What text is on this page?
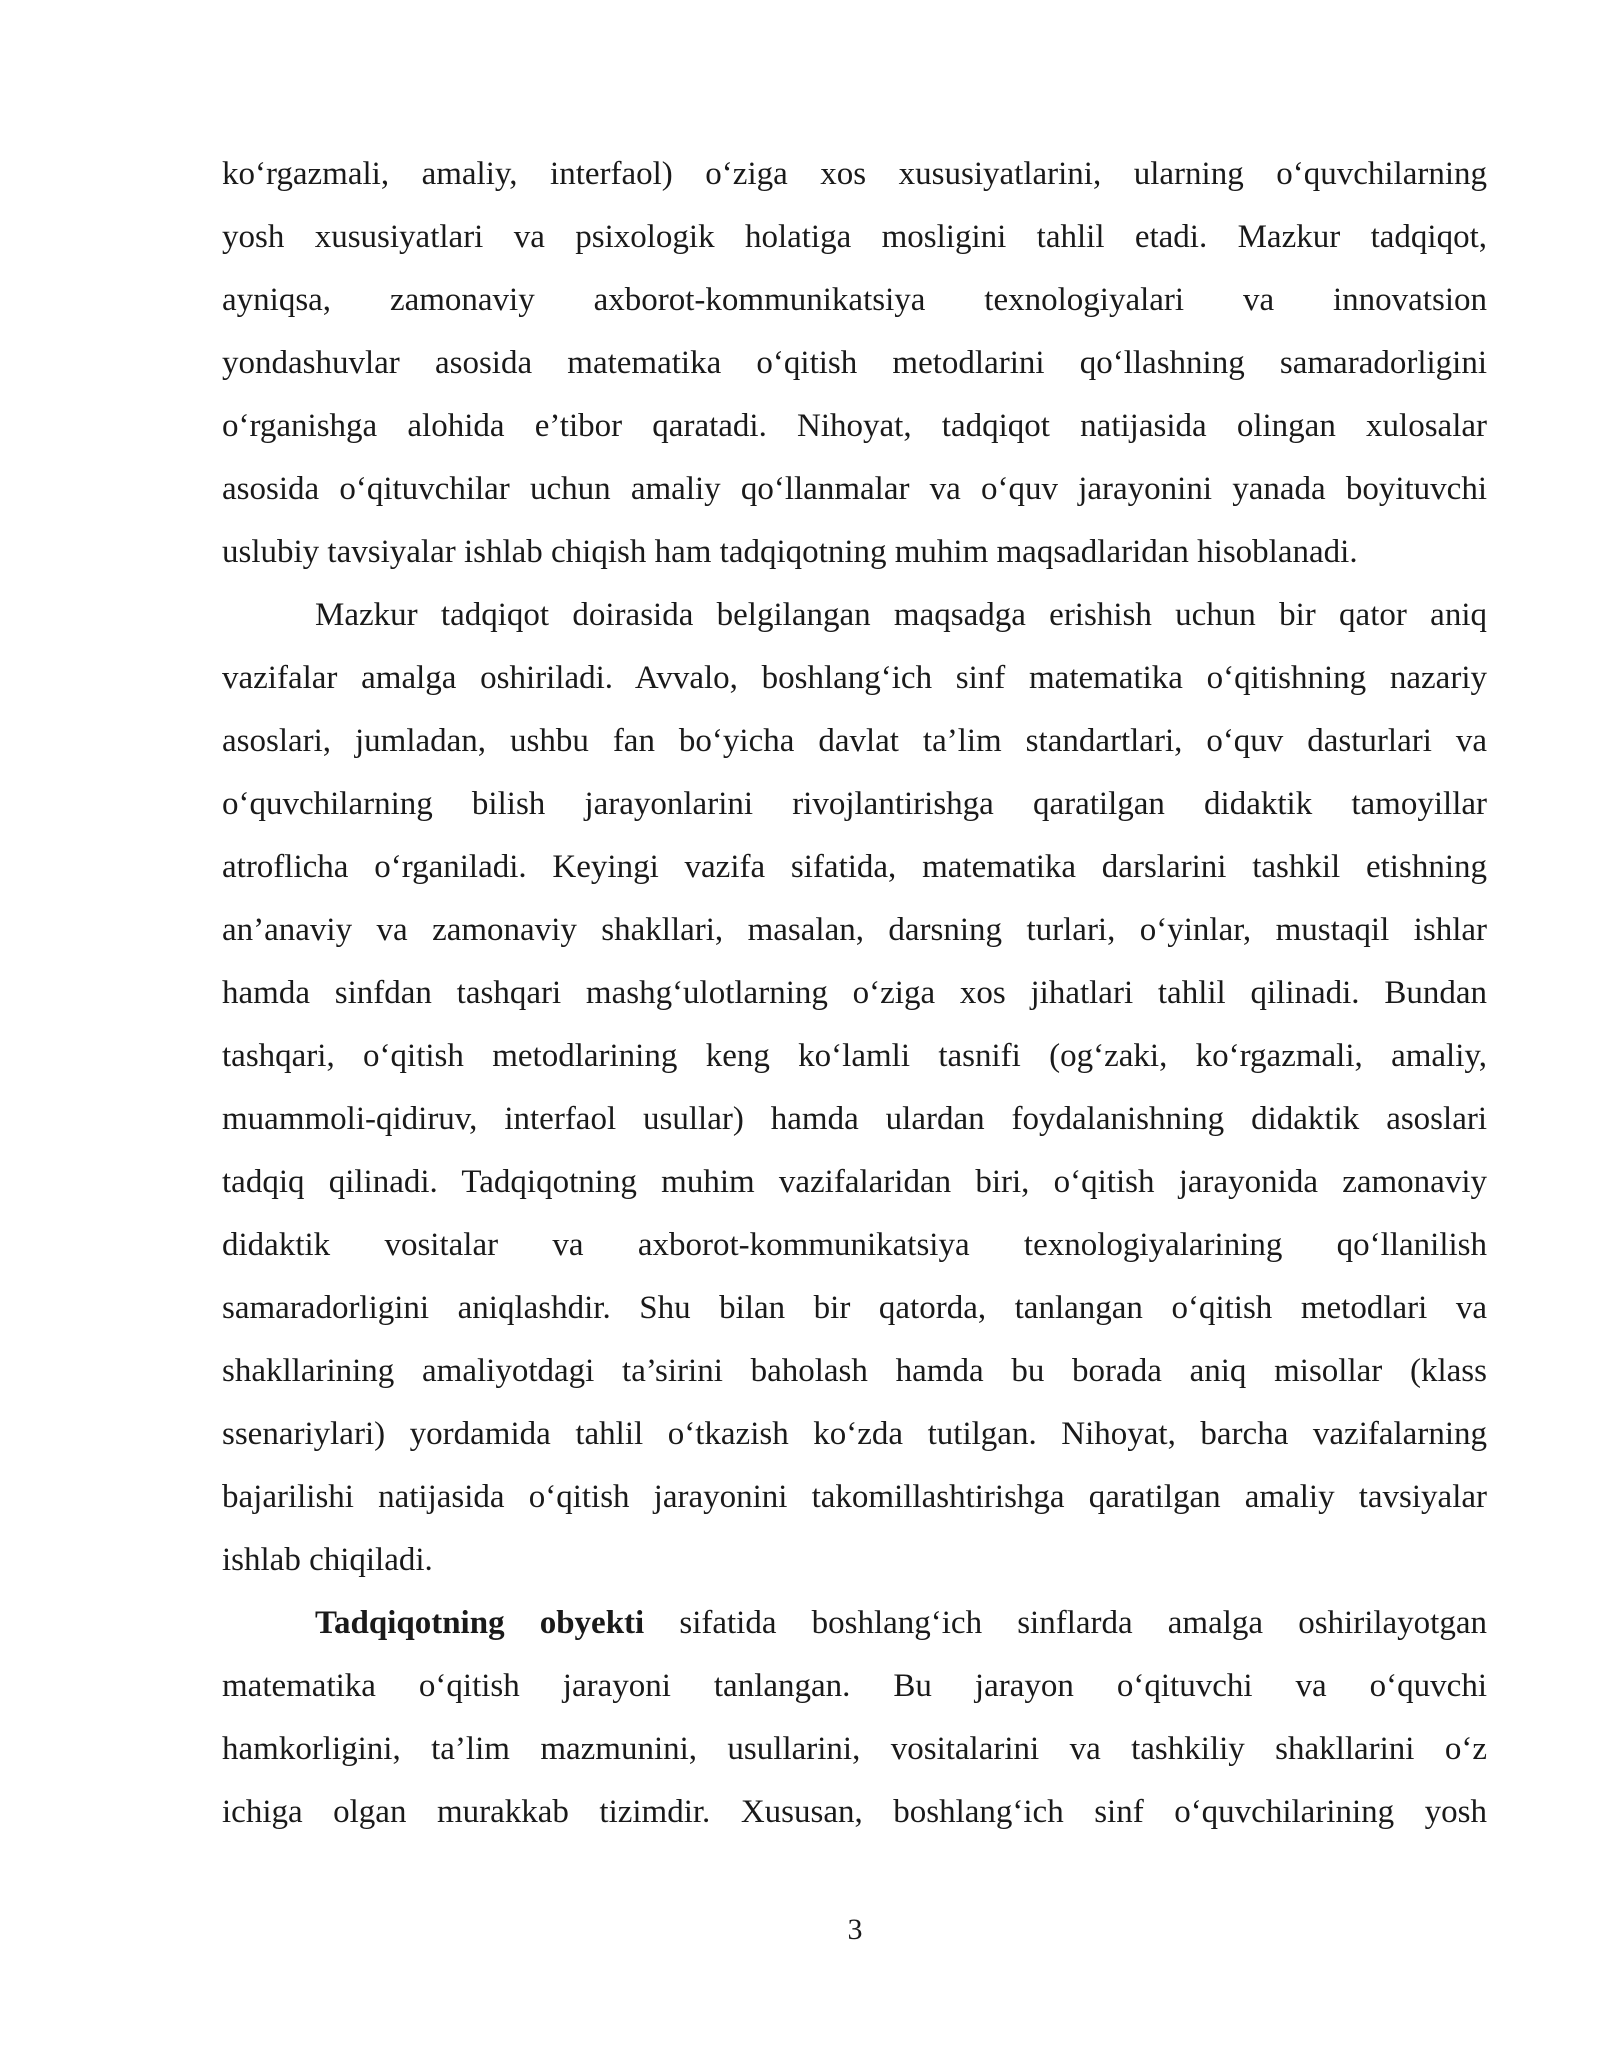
ko‘rgazmali, amaliy, interfaol) o‘ziga xos xususiyatlarini, ularning o‘quvchilarning
yosh xususiyatlari va psixologik holatiga mosligini tahlil etadi. Mazkur tadqiqot,
ayniqsa, zamonaviy axborot-kommunikatsiya texnologiyalari va innovatsion
yondashuvlar asosida matematika o‘qitish metodlarini qo‘llashning samaradorligini
o‘rganishga alohida e’tibor qaratadi. Nihoyat, tadqiqot natijasida olingan xulosalar
asosida o‘qituvchilar uchun amaliy qo‘llanmalar va o‘quv jarayonini yanada boyituvchi
uslubiy tavsiyalar ishlab chiqish ham tadqiqotning muhim maqsadlaridan hisoblanadi.
Mazkur tadqiqot doirasida belgilangan maqsadga erishish uchun bir qator aniq
vazifalar amalga oshiriladi. Avvalo, boshlang‘ich sinf matematika o‘qitishning nazariy
asoslari, jumladan, ushbu fan bo‘yicha davlat ta’lim standartlari, o‘quv dasturlari va
o‘quvchilarning bilish jarayonlarini rivojlantirishga qaratilgan didaktik tamoyillar
atroflicha o‘rganiladi. Keyingi vazifa sifatida, matematika darslarini tashkil etishning
an’anaviy va zamonaviy shakllari, masalan, darsning turlari, o‘yinlar, mustaqil ishlar
hamda sinfdan tashqari mashg‘ulotlarning o‘ziga xos jihatlari tahlil qilinadi. Bundan
tashqari, o‘qitish metodlarining keng ko‘lamli tasnifi (og‘zaki, ko‘rgazmali, amaliy,
muammoli-qidiruv, interfaol usullar) hamda ulardan foydalanishning didaktik asoslari
tadqiq qilinadi. Tadqiqotning muhim vazifalaridan biri, o‘qitish jarayonida zamonaviy
didaktik vositalar va axborot-kommunikatsiya texnologiyalarining qo‘llanilish
samaradorligini aniqlashdir. Shu bilan bir qatorda, tanlangan o‘qitish metodlari va
shakllarining amaliyotdagi ta’sirini baholash hamda bu borada aniq misollar (klass
ssenariylari) yordamida tahlil o‘tkazish ko‘zda tutilgan. Nihoyat, barcha vazifalarning
bajarilishi natijasida o‘qitish jarayonini takomillashtirishga qaratilgan amaliy tavsiyalar
ishlab chiqiladi.
Tadqiqotning obyekti sifatida boshlang‘ich sinflarda amalga oshirilayotgan
matematika o‘qitish jarayoni tanlangan. Bu jarayon o‘qituvchi va o‘quvchi
hamkorligini, ta’lim mazmunini, usullarini, vositalarini va tashkiliy shakllarini o‘z
ichiga olgan murakkab tizimdir. Xususan, boshlang‘ich sinf o‘quvchilarining yosh
3
